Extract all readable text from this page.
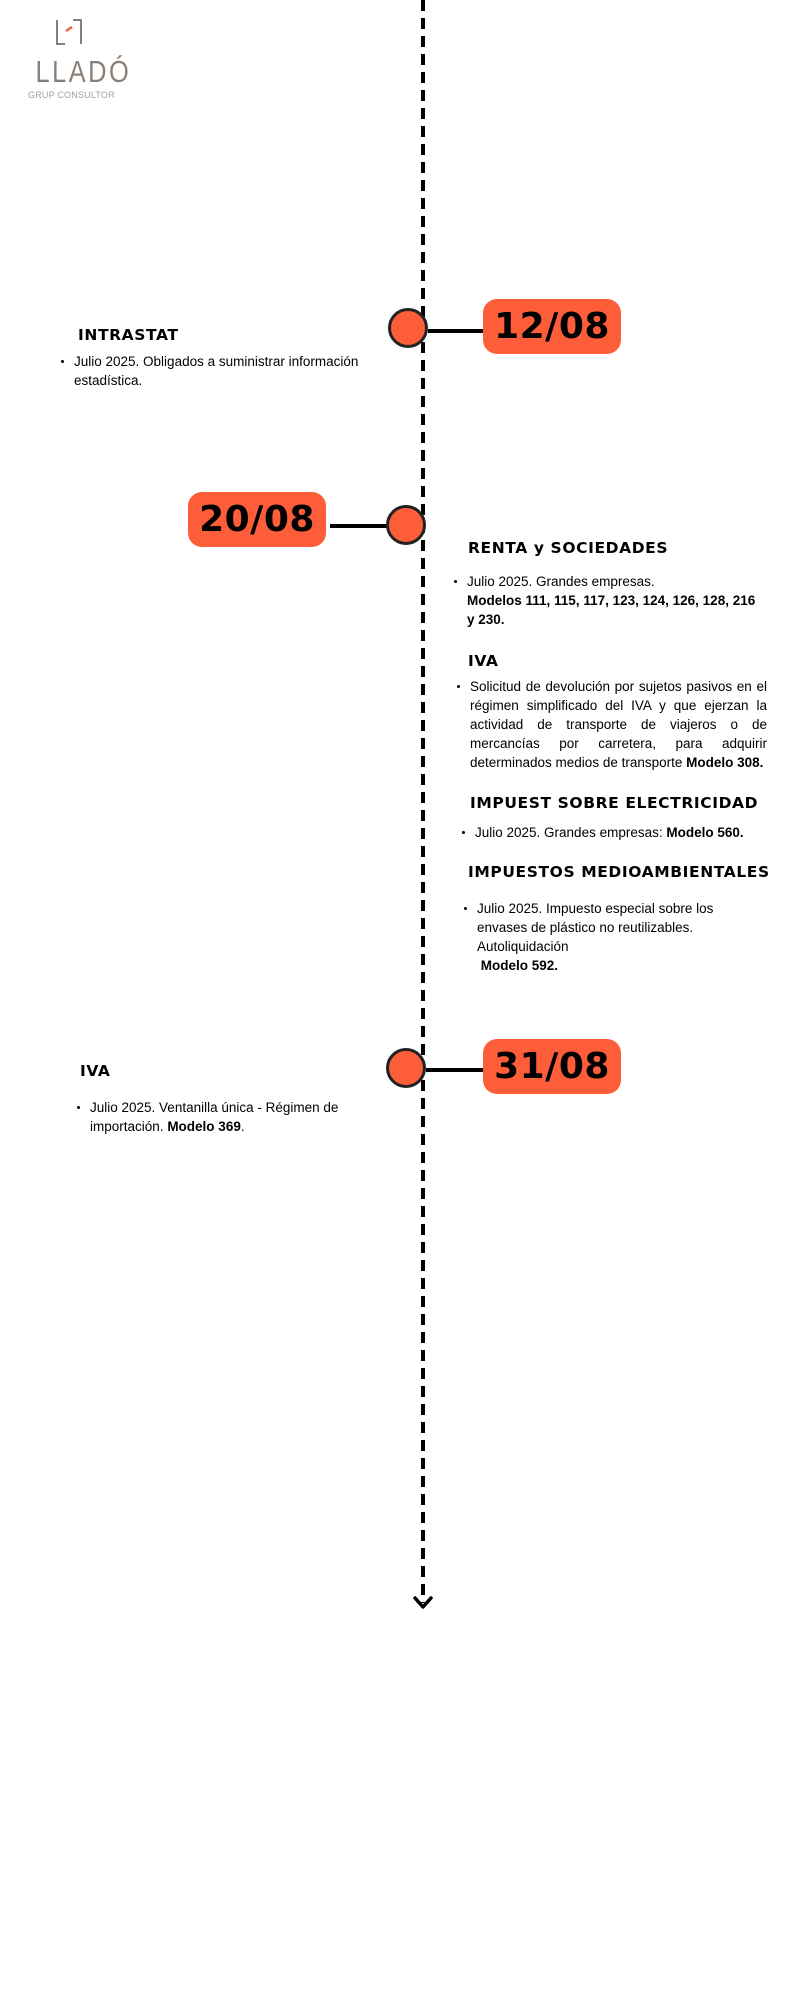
LLADÓ
GRUP CONSULTOR
12/08
INTRASTAT
Julio 2025. Obligados a suministrar información estadística.
20/08
RENTA y SOCIEDADES
Julio 2025. Grandes empresas.
Modelos 111, 115, 117, 123, 124, 126, 128, 216 y 230.
IVA
Solicitud de devolución por sujetos pasivos en el régimen simplificado del IVA y que ejerzan la actividad de transporte de viajeros o de mercancías por carretera, para adquirir determinados medios de transporte Modelo 308.
IMPUEST SOBRE ELECTRICIDAD
Julio 2025. Grandes empresas: Modelo 560.
IMPUESTOS MEDIOAMBIENTALES
Julio 2025. Impuesto especial sobre los envases de plástico no reutilizables. Autoliquidación
Modelo 592.
31/08
IVA
Julio 2025. Ventanilla única - Régimen de importación. Modelo 369.
